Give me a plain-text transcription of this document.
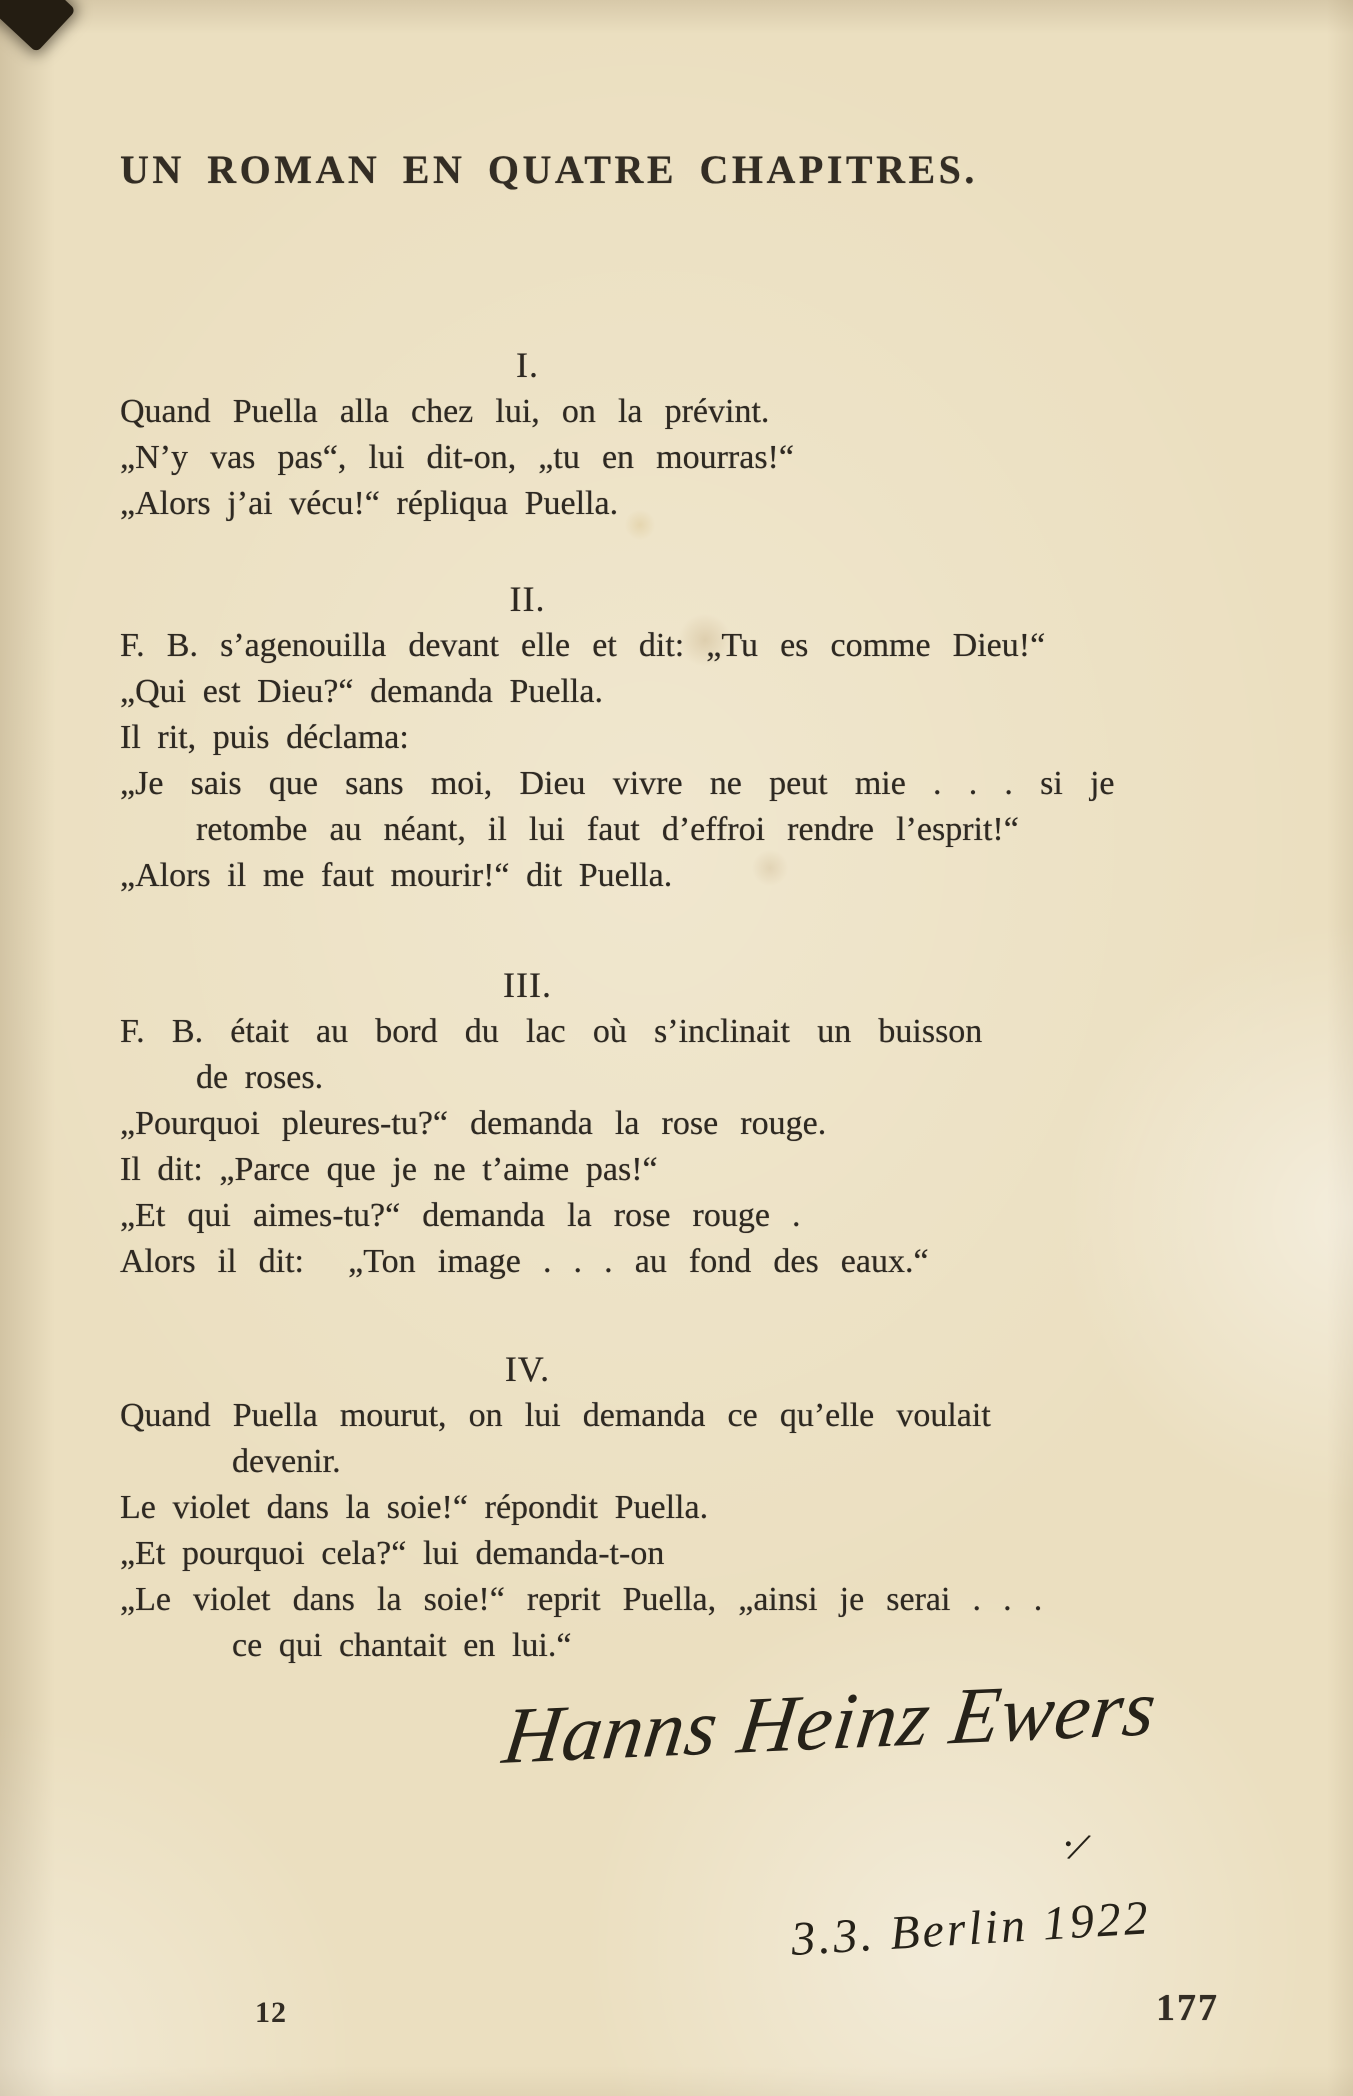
UN ROMAN EN QUATRE CHAPITRES.
I.
Quand Puella alla chez lui, on la prévint.
„N’y vas pas“, lui dit-on, „tu en mourras!“
„Alors j’ai vécu!“ répliqua Puella.
II.
F. B. s’agenouilla devant elle et dit: „Tu es comme Dieu!“
„Qui est Dieu?“ demanda Puella.
Il rit, puis déclama:
„Je sais que sans moi, Dieu vivre ne peut mie . . . si je
retombe au néant, il lui faut d’effroi rendre l’esprit!“
„Alors il me faut mourir!“ dit Puella.
III.
F. B. était au bord du lac où s’inclinait un buisson
de roses.
„Pourquoi pleures-tu?“ demanda la rose rouge.
Il dit: „Parce que je ne t’aime pas!“
„Et qui aimes-tu?“ demanda la rose rouge .
Alors il dit:  „Ton image . . . au fond des eaux.“
IV.
Quand Puella mourut, on lui demanda ce qu’elle voulait
devenir.
Le violet dans la soie!“ répondit Puella.
„Et pourquoi cela?“ lui demanda-t-on
„Le violet dans la soie!“ reprit Puella, „ainsi je serai . . .
ce qui chantait en lui.“
Hanns Heinz Ewers
·/
3.3. Berlin 1922
12	177
